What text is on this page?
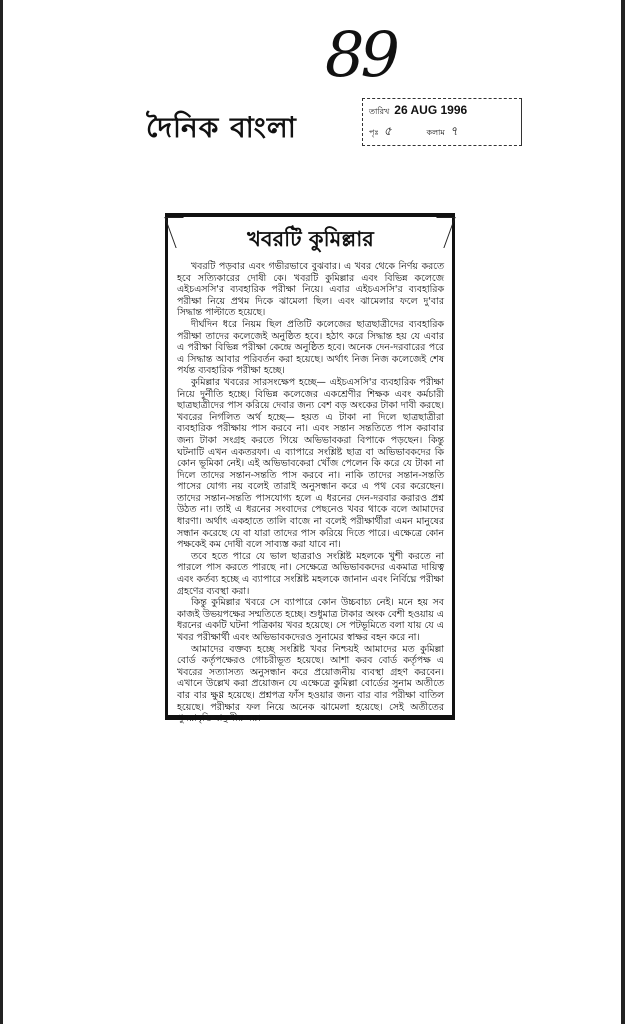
89
দৈনিক বাংলা	তারিখ 26 AUG 1996
পৃঃ ৫	কলাম ৭
খবরটি কুমিল্লার

খবরটি পড়বার এবং গভীরভাবে বুঝবার। এ খবর থেকে নির্ণয় করতে হবে সত্যিকারের দোষী কে। খবরটি কুমিল্লার এবং বিভিন্ন কলেজে এইচএসসি'র ব্যবহারিক পরীক্ষা নিয়ে। এবার এইচএসসি'র ব্যবহারিক পরীক্ষা নিয়ে প্রথম দিকে ঝামেলা ছিল। এবং ঝামেলার ফলে দু'বার সিদ্ধান্ত পাল্টাতে হয়েছে।

দীর্ঘদিন ধরে নিয়ম ছিল প্রতিটি কলেজের ছাত্রছাত্রীদের ব্যবহারিক পরীক্ষা তাদের কলেজেই অনুষ্ঠিত হবে। হঠাৎ করে সিদ্ধান্ত হয় যে এবার এ পরীক্ষা বিভিন্ন পরীক্ষা কেন্দ্রে অনুষ্ঠিত হবে। অনেক দেন-দরবারের পরে এ সিদ্ধান্ত আবার পরিবর্তন করা হয়েছে। অর্থাৎ নিজ নিজ কলেজেই শেষ পর্যন্ত ব্যবহারিক পরীক্ষা হচ্ছে।

কুমিল্লার খবরের সারসংক্ষেপ হচ্ছে— এইচএসসি'র ব্যবহারিক পরীক্ষা নিয়ে দুর্নীতি হচ্ছে। বিভিন্ন কলেজের একশ্রেণীর শিক্ষক এবং কর্মচারী ছাত্রছাত্রীদের পাস করিয়ে দেবার জন্য বেশ বড় অংকের টাকা দাবী করছে। খবরের নির্গলিত অর্থ হচ্ছে— হয়ত এ টাকা না দিলে ছাত্রছাত্রীরা ব্যবহারিক পরীক্ষায় পাস করবে না। এবং সন্তান সন্ততিতে পাস করাবার জন্য টাকা সংগ্রহ করতে গিয়ে অভিভাবকরা বিপাকে পড়ছেন। কিন্তু ঘটনাটি এখন একতরফা। এ ব্যাপারে সংশ্লিষ্ট ছাত্র বা অভিভাবকদের কি কোন ভূমিকা নেই। এই অভিভাবকেরা খোঁজ পেলেন কি করে যে টাকা না দিলে তাদের সন্তান-সন্ততি পাস করবে না। নাকি তাদের সন্তান-সন্ততি পাসের যোগ্য নয় বলেই তারাই অনুসন্ধান করে এ পথ বের করেছেন। তাদের সন্তান-সন্ততি পাসযোগ্য হলে এ ধরনের দেন-দরবার করারও প্রশ্ন উঠত না। তাই এ ধরনের সংবাদের পেছনেও খবর থাকে বলে আমাদের ধারণা। অর্থাৎ একহাতে তালি বাজে না বলেই পরীক্ষার্থীরা এমন মানুষের সন্ধান করেছে যে বা যারা তাদের পাস করিয়ে দিতে পারে। এক্ষেত্রে কোন পক্ষকেই কম দোষী বলে সাব্যস্ত করা যাবে না।

তবে হতে পারে যে ভাল ছাত্ররাও সংশ্লিষ্ট মহলকে খুশী করতে না পারলে পাস করতে পারছে না। সেক্ষেত্রে অভিভাবকদের একমাত্র দায়িত্ব এবং কর্তব্য হচ্ছে এ ব্যাপারে সংশ্লিষ্ট মহলকে জানান এবং নির্বিঘ্নে পরীক্ষা গ্রহণের ব্যবস্থা করা।

কিন্তু কুমিল্লার খবরে সে ব্যাপারে কোন উচ্চবাচ্য নেই। মনে হয় সব কাজই উভয়পক্ষের সম্মতিতে হচ্ছে। শুধুমাত্র টাকার অংক বেশী হওয়ায় এ ধরনের একটি ঘটনা পত্রিকায় খবর হয়েছে। সে পটভূমিতে বলা যায় যে এ খবর পরীক্ষার্থী এবং অভিভাবকদেরও সুনামের স্বাক্ষর বহন করে না।

আমাদের বক্তব্য হচ্ছে সংশ্লিষ্ট খবর নিশ্চয়ই আমাদের মত কুমিল্লা বোর্ড কর্তৃপক্ষেরও গোচরীভূত হয়েছে। আশা করব বোর্ড কর্তৃপক্ষ এ খবরের সত্যাসত্য অনুসন্ধান করে প্রয়োজনীয় ব্যবস্থা গ্রহণ করবেন। এখানে উল্লেখ করা প্রয়োজন যে এক্ষেত্রে কুমিল্লা বোর্ডের সুনাম অতীতে বার বার ক্ষুণ্ণ হয়েছে। প্রশ্নপত্র ফাঁস হওয়ার জন্য বার বার পরীক্ষা বাতিল হয়েছে। পরীক্ষার ফল নিয়ে অনেক ঝামেলা হয়েছে। সেই অতীতের পুনরাবৃত্তি বাঞ্ছনীয় নয়।
